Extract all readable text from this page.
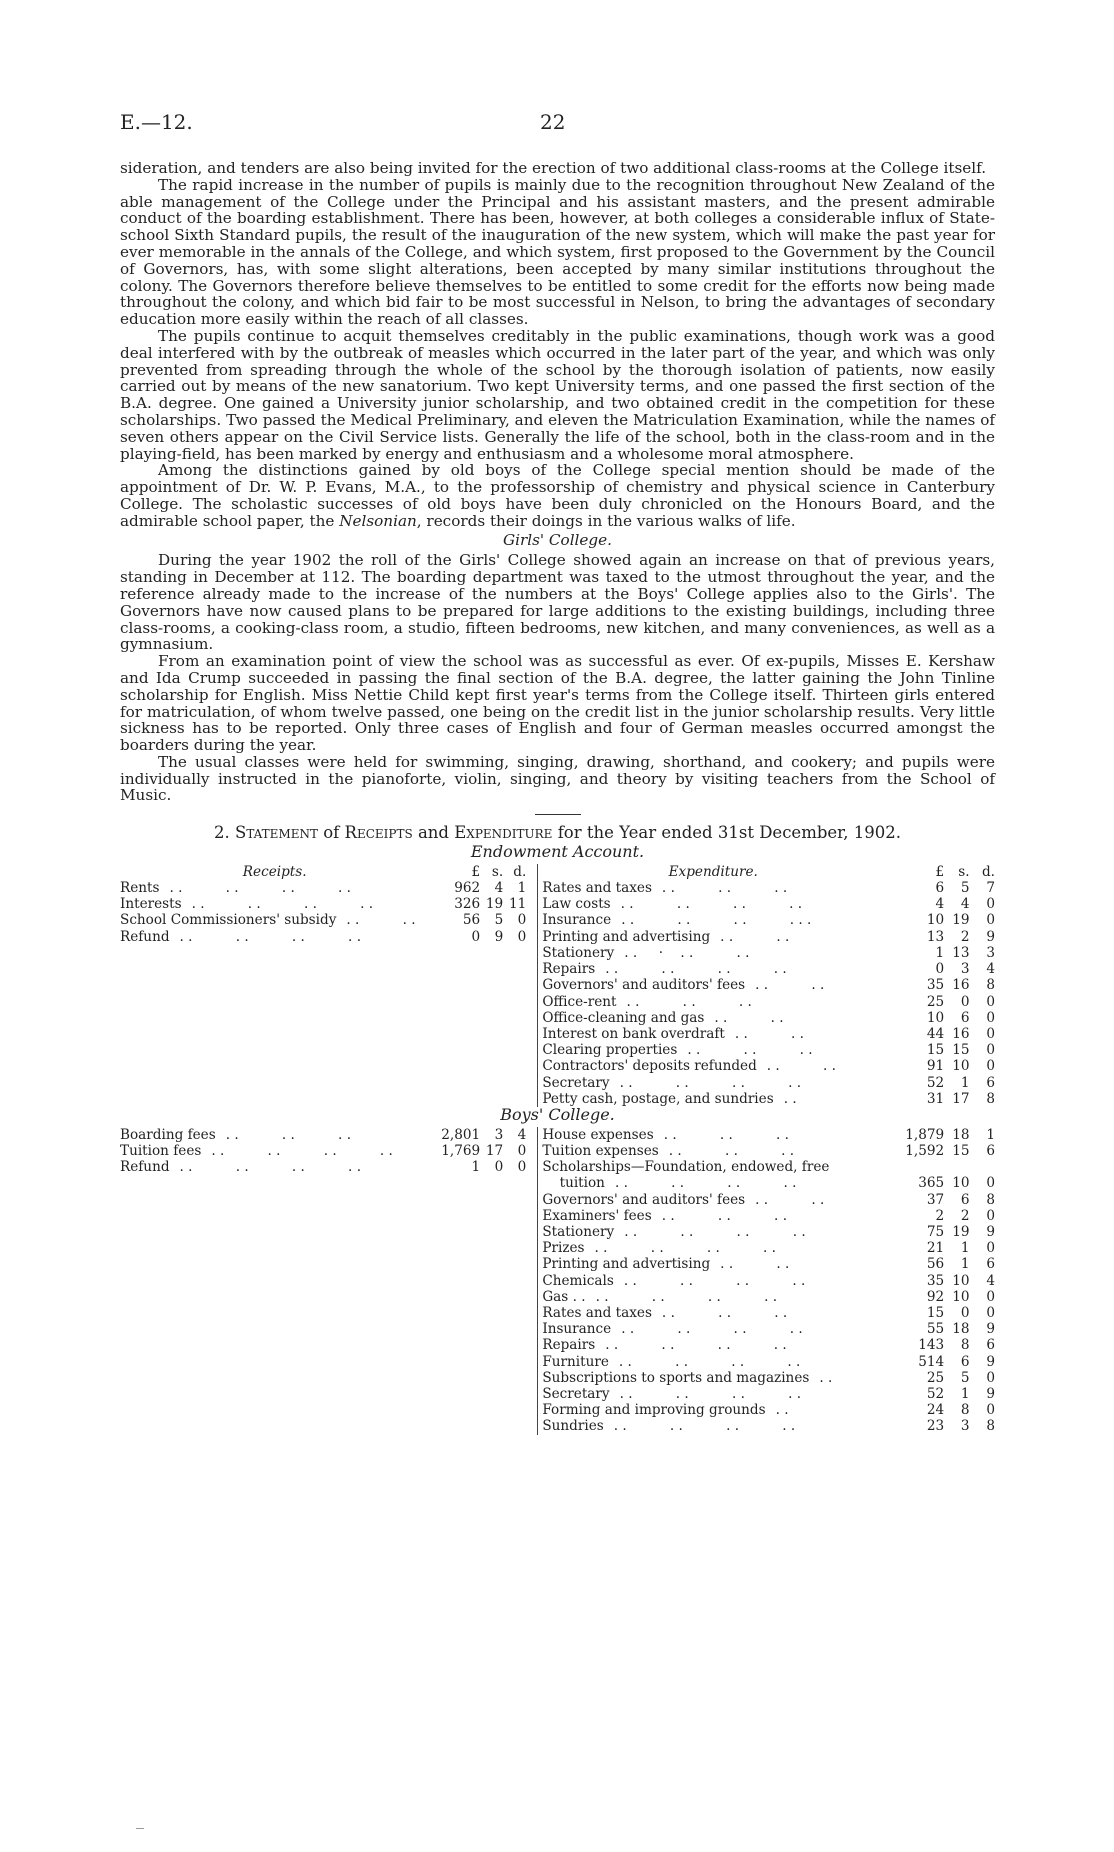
E.—12.	22

sideration, and tenders are also being invited for the erection of two additional class-rooms at the College itself.

The rapid increase in the number of pupils is mainly due to the recognition throughout New Zealand of the able management of the College under the Principal and his assistant masters, and the present admirable conduct of the boarding establishment. There has been, however, at both colleges a considerable influx of State-school Sixth Standard pupils, the result of the inauguration of the new system, which will make the past year for ever memorable in the annals of the College, and which system, first proposed to the Government by the Council of Governors, has, with some slight alterations, been accepted by many similar institutions throughout the colony. The Governors therefore believe themselves to be entitled to some credit for the efforts now being made throughout the colony, and which bid fair to be most successful in Nelson, to bring the advantages of secondary education more easily within the reach of all classes.

The pupils continue to acquit themselves creditably in the public examinations, though work was a good deal interfered with by the outbreak of measles which occurred in the later part of the year, and which was only prevented from spreading through the whole of the school by the thorough isolation of patients, now easily carried out by means of the new sanatorium. Two kept University terms, and one passed the first section of the B.A. degree. One gained a University junior scholarship, and two obtained credit in the competition for these scholarships. Two passed the Medical Preliminary, and eleven the Matriculation Examination, while the names of seven others appear on the Civil Service lists. Generally the life of the school, both in the class-room and in the playing-field, has been marked by energy and enthusiasm and a wholesome moral atmosphere.

Among the distinctions gained by old boys of the College special mention should be made of the appointment of Dr. W. P. Evans, M.A., to the professorship of chemistry and physical science in Canterbury College. The scholastic successes of old boys have been duly chronicled on the Honours Board, and the admirable school paper, the Nelsonian, records their doings in the various walks of life.

Girls' College.

During the year 1902 the roll of the Girls' College showed again an increase on that of previous years, standing in December at 112. The boarding department was taxed to the utmost throughout the year, and the reference already made to the increase of the numbers at the Boys' College applies also to the Girls'. The Governors have now caused plans to be prepared for large additions to the existing buildings, including three class-rooms, a cooking-class room, a studio, fifteen bedrooms, new kitchen, and many conveniences, as well as a gymnasium.

From an examination point of view the school was as successful as ever. Of ex-pupils, Misses E. Kershaw and Ida Crump succeeded in passing the final section of the B.A. degree, the latter gaining the John Tinline scholarship for English. Miss Nettie Child kept first year's terms from the College itself. Thirteen girls entered for matriculation, of whom twelve passed, one being on the credit list in the junior scholarship results. Very little sickness has to be reported. Only three cases of English and four of German measles occurred amongst the boarders during the year.

The usual classes were held for swimming, singing, drawing, shorthand, and cookery; and pupils were individually instructed in the pianoforte, violin, singing, and theory by visiting teachers from the School of Music.

2. Statement of Receipts and Expenditure for the Year ended 31st December, 1902.
Endowment Account.
Receipts.	£	s.	d.		Expenditure.	£	s.	d.
Rents . .          . .          . .          . .	962	4	1		Rates and taxes . .          . .          . .	6	5	7
Interests . .          . .          . .          . .	326	19	11		Law costs . .          . .          . .          . .	4	4	0
School Commissioners' subsidy . .          . .	56	5	0		Insurance . .          . .          . .          . . .	10	19	0
Refund . .          . .          . .          . .	0	9	0		Printing and advertising . .          . .	13	2	9
					Stationery . .     ·    . .          . .	1	13	3
					Repairs . .          . .          . .          . .	0	3	4
					Governors' and auditors' fees . .          . .	35	16	8
					Office-rent . .          . .          . .	25	0	0
					Office-cleaning and gas . .          . .	10	6	0
					Interest on bank overdraft . .          . .	44	16	0
					Clearing properties . .          . .          . .	15	15	0
					Contractors' deposits refunded . .          . .	91	10	0
					Secretary . .          . .          . .          . .	52	1	6
					Petty cash, postage, and sundries . .	31	17	8
Boys' College.
Boarding fees . .          . .          . .	2,801	3	4		House expenses . .          . .          . .	1,879	18	1
Tuition fees . .          . .          . .          . .	1,769	17	0		Tuition expenses . .          . .          . .	1,592	15	6
Refund . .          . .          . .          . .	1	0	0		Scholarships—Foundation, endowed, free			
					tuition . .          . .          . .          . .	365	10	0
					Governors' and auditors' fees . .          . .	37	6	8
					Examiners' fees . .          . .          . .	2	2	0
					Stationery . .          . .          . .          . .	75	19	9
					Prizes . .          . .          . .          . .	21	1	0
					Printing and advertising . .          . .	56	1	6
					Chemicals . .          . .          . .          . .	35	10	4
					Gas . . . .          . .          . .          . .	92	10	0
					Rates and taxes . .          . .          . .	15	0	0
					Insurance . .          . .          . .          . .	55	18	9
					Repairs . .          . .          . .          . .	143	8	6
					Furniture . .          . .          . .          . .	514	6	9
					Subscriptions to sports and magazines . .	25	5	0
					Secretary . .          . .          . .          . .	52	1	9
					Forming and improving grounds . .	24	8	0
					Sundries . .          . .          . .          . .	23	3	8
